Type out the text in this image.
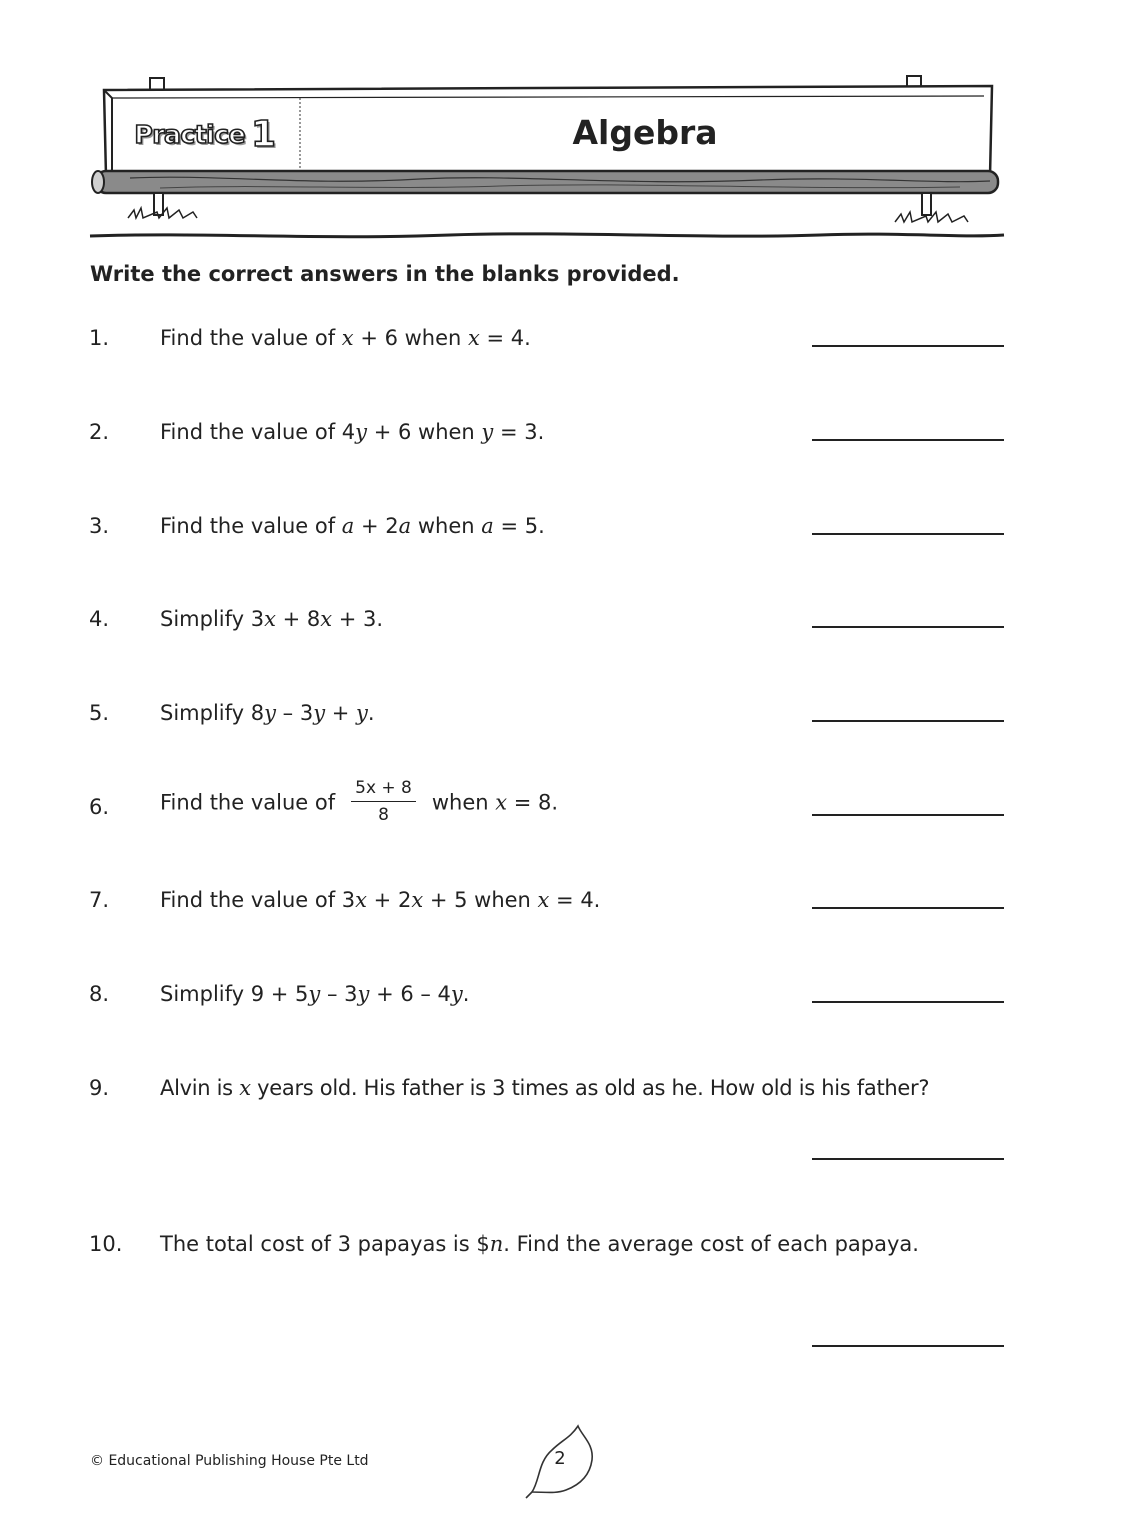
Practice 1	Algebra
Write the correct answers in the blanks provided.
1. Find the value of x + 6 when x = 4.
2. Find the value of 4y + 6 when y = 3.
3. Find the value of a + 2a when a = 5.
4. Simplify 3x + 8x + 3.
5. Simplify 8y – 3y + y.
6. Find the value of $\frac{5x + 8}{8}$ when x = 8.
7. Find the value of 3x + 2x + 5 when x = 4.
8. Simplify 9 + 5y – 3y + 6 – 4y.
9. Alvin is x years old. His father is 3 times as old as he. How old is his father?
10. The total cost of 3 papayas is $n. Find the average cost of each papaya.
© Educational Publishing House Pte Ltd	2
